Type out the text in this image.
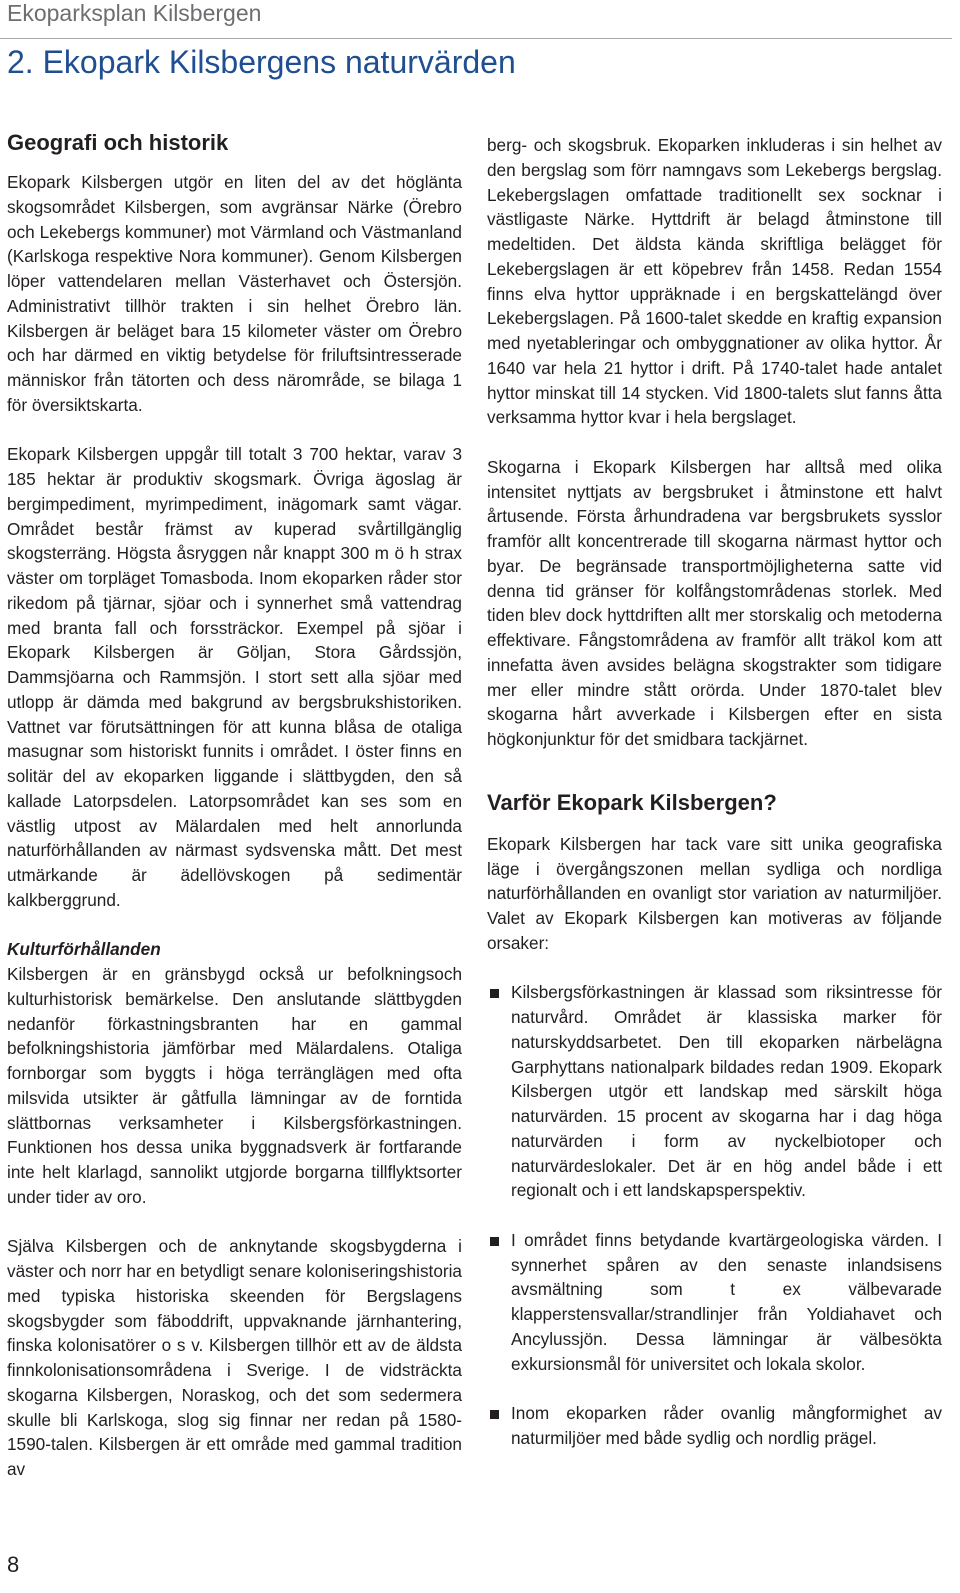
Ekoparksplan Kilsbergen
2. Ekopark Kilsbergens naturvärden
Geografi och historik

Ekopark Kilsbergen utgör en liten del av det höglänta skogsområdet Kilsbergen, som avgränsar Närke (Örebro och Lekebergs kommuner) mot Värmland och Västmanland (Karlskoga respektive Nora kommuner). Genom Kilsbergen löper vattendelaren mellan Västerhavet och Östersjön. Administrativt tillhör trakten i sin helhet Örebro län. Kilsbergen är beläget bara 15 kilometer väster om Örebro och har därmed en viktig betydelse för friluftsintresserade människor från tätorten och dess närområde, se bilaga 1 för översiktskarta.

Ekopark Kilsbergen uppgår till totalt 3 700 hektar, varav 3 185 hektar är produktiv skogsmark. Övriga ägoslag är bergimpediment, myrimpediment, inägomark samt vägar. Området består främst av kuperad svårtillgänglig skogsterräng. Högsta åsryggen når knappt 300 m ö h strax väster om torpläget Tomasboda. Inom ekoparken råder stor rikedom på tjärnar, sjöar och i synnerhet små vattendrag med branta fall och forssträckor. Exempel på sjöar i Ekopark Kilsbergen är Göljan, Stora Gårdssjön, Dammsjöarna och Rammsjön. I stort sett alla sjöar med utlopp är dämda med bakgrund av bergsbrukshistoriken. Vattnet var förutsättningen för att kunna blåsa de otaliga masugnar som historiskt funnits i området. I öster finns en solitär del av ekoparken liggande i slättbygden, den så kallade Latorpsdelen. Latorpsområdet kan ses som en västlig utpost av Mälardalen med helt annorlunda naturförhållanden av närmast sydsvenska mått. Det mest utmärkande är ädellövskogen på sedimentär kalkberggrund.

Kulturförhållanden

Kilsbergen är en gränsbygd också ur befolkningsoch kulturhistorisk bemärkelse. Den anslutande slättbygden nedanför förkastningsbranten har en gammal befolkningshistoria jämförbar med Mälardalens. Otaliga fornborgar som byggts i höga terränglägen med ofta milsvida utsikter är gåtfulla lämningar av de forntida slättbornas verksamheter i Kilsbergsförkastningen. Funktionen hos dessa unika byggnadsverk är fortfarande inte helt klarlagd, sannolikt utgjorde borgarna tillflyktsorter under tider av oro.

Själva Kilsbergen och de anknytande skogsbygderna i väster och norr har en betydligt senare koloniseringshistoria med typiska historiska skeenden för Bergslagens skogsbygder som fäboddrift, uppvaknande järnhantering, finska kolonisatörer o s v. Kilsbergen tillhör ett av de äldsta finnkolonisationsområdena i Sverige. I de vidsträckta skogarna Kilsbergen, Noraskog, och det som sedermera skulle bli Karlskoga, slog sig finnar ner redan på 1580-1590-talen. Kilsbergen är ett område med gammal tradition av

berg- och skogsbruk. Ekoparken inkluderas i sin helhet av den bergslag som förr namngavs som Lekebergs bergslag. Lekebergslagen omfattade traditionellt sex socknar i västligaste Närke. Hyttdrift är belagd åtminstone till medeltiden. Det äldsta kända skriftliga belägget för Lekebergslagen är ett köpebrev från 1458. Redan 1554 finns elva hyttor uppräknade i en bergskattelängd över Lekebergslagen. På 1600-talet skedde en kraftig expansion med nyetableringar och ombyggnationer av olika hyttor. År 1640 var hela 21 hyttor i drift. På 1740-talet hade antalet hyttor minskat till 14 stycken. Vid 1800-talets slut fanns åtta verksamma hyttor kvar i hela bergslaget.

Skogarna i Ekopark Kilsbergen har alltså med olika intensitet nyttjats av bergsbruket i åtminstone ett halvt årtusende. Första århundradena var bergsbrukets sysslor framför allt koncentrerade till skogarna närmast hyttor och byar. De begränsade transportmöjligheterna satte vid denna tid gränser för kolfångstområdenas storlek. Med tiden blev dock hyttdriften allt mer storskalig och metoderna effektivare. Fångstområdena av framför allt träkol kom att innefatta även avsides belägna skogstrakter som tidigare mer eller mindre stått orörda. Under 1870-talet blev skogarna hårt avverkade i Kilsbergen efter en sista högkonjunktur för det smidbara tackjärnet.

Varför Ekopark Kilsbergen?

Ekopark Kilsbergen har tack vare sitt unika geografiska läge i övergångszonen mellan sydliga och nordliga naturförhållanden en ovanligt stor variation av naturmiljöer. Valet av Ekopark Kilsbergen kan motiveras av följande orsaker:

Kilsbergsförkastningen är klassad som riksintresse för naturvård. Området är klassiska marker för naturskyddsarbetet. Den till ekoparken närbelägna Garphyttans nationalpark bildades redan 1909. Ekopark Kilsbergen utgör ett landskap med särskilt höga naturvärden. 15 procent av skogarna har i dag höga naturvärden i form av nyckelbiotoper och naturvärdeslokaler. Det är en hög andel både i ett regionalt och i ett landskapsperspektiv.
I området finns betydande kvartärgeologiska värden. I synnerhet spåren av den senaste inlandsisens avsmältning som t ex välbevarade klapperstensvallar/strandlinjer från Yoldiahavet och Ancylussjön. Dessa lämningar är välbesökta exkursionsmål för universitet och lokala skolor.
Inom ekoparken råder ovanlig mångformighet av naturmiljöer med både sydlig och nordlig prägel.
8
